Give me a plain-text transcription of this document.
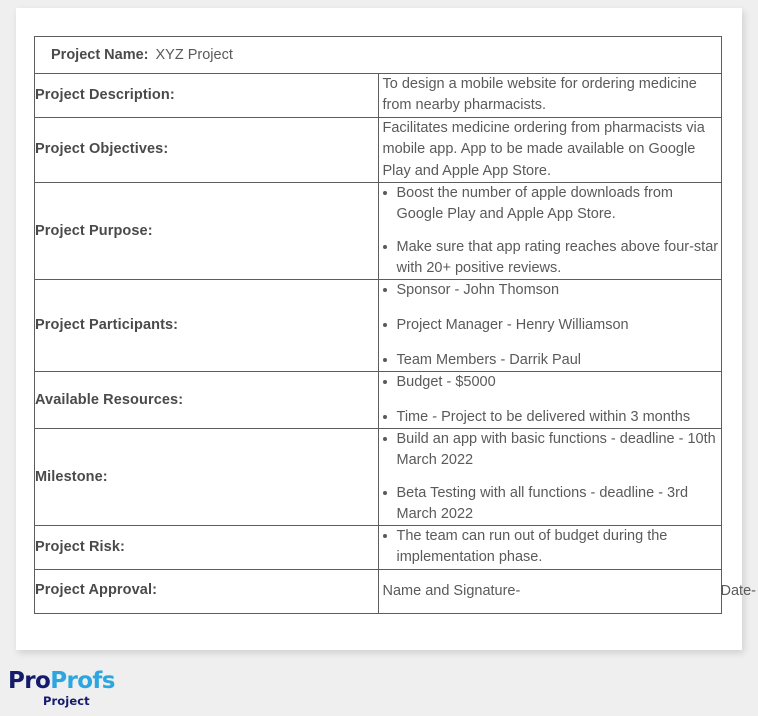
Project Name: XYZ Project	

Project Description:	To design a mobile website for ordering medicine from nearby pharmacists.

Project Objectives:	Facilitates medicine ordering from pharmacists via mobile app. App to be made available on Google Play and Apple App Store.

Project Purpose:	
Boost the number of apple downloads from Google Play and Apple App Store.
Make sure that app rating reaches above four-star with 20+ positive reviews.

Project Participants:	
Sponsor - John Thomson
Project Manager - Henry Williamson
Team Members - Darrik Paul

Available Resources:	
Budget - $5000
Time - Project to be delivered within 3 months

Milestone:	
Build an app with basic functions - deadline - 10th March 2022
Beta Testing with all functions - deadline - 3rd March 2022

Project Risk:	
The team can run out of budget during the implementation phase.

Project Approval:	Name and Signature- Date-
ProProfs
Project
